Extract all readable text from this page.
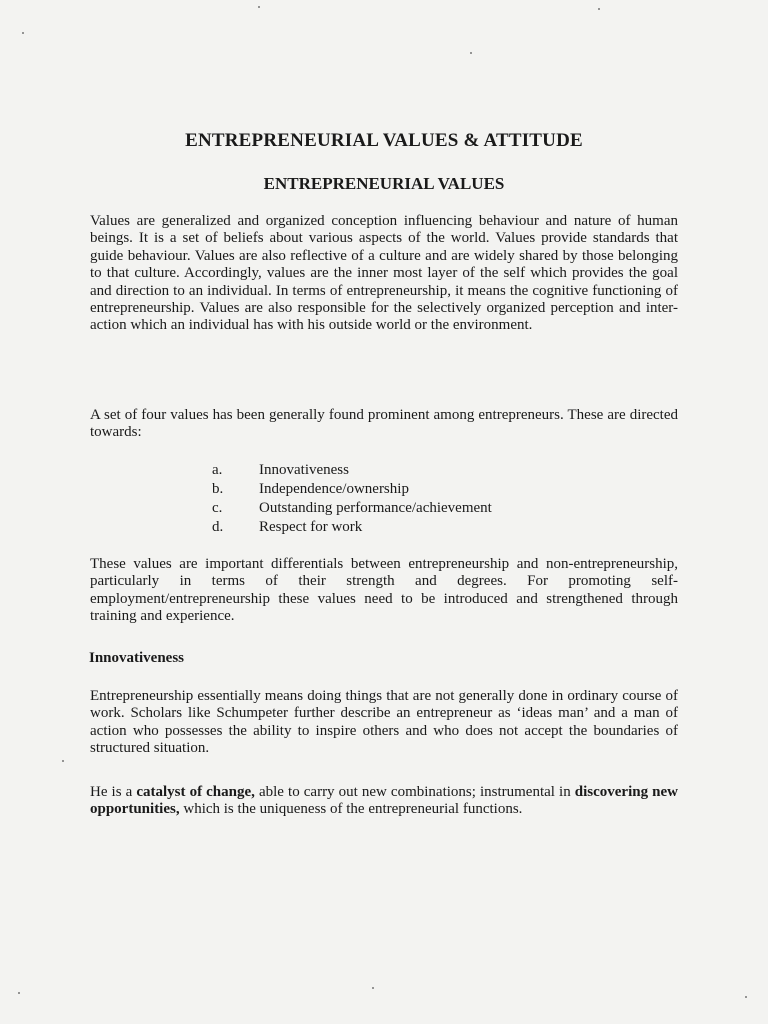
ENTREPRENEURIAL VALUES & ATTITUDE
ENTREPRENEURIAL VALUES

Values are generalized and organized conception influencing behaviour and nature of human beings. It is a set of beliefs about various aspects of the world. Values provide standards that guide behaviour. Values are also reflective of a culture and are widely shared by those belonging to that culture. Accordingly, values are the inner most layer of the self which provides the goal and direction to an individual. In terms of entrepreneurship, it means the cognitive functioning of entrepreneurship. Values are also responsible for the selectively organized perception and inter-action which an individual has with his outside world or the environment.

A set of four values has been generally found prominent among entrepreneurs. These are directed towards:

a.	Innovativeness
b.	Independence/ownership
c.	Outstanding performance/achievement
d.	Respect for work

These values are important differentials between entrepreneurship and non-entrepreneurship, particularly in terms of their strength and degrees. For promoting self-employment/entrepreneurship these values need to be introduced and strengthened through training and experience.

Innovativeness

Entrepreneurship essentially means doing things that are not generally done in ordinary course of work. Scholars like Schumpeter further describe an entrepreneur as ‘ideas man’ and a man of action who possesses the ability to inspire others and who does not accept the boundaries of structured situation.

He is a catalyst of change, able to carry out new combinations; instrumental in discovering new opportunities, which is the uniqueness of the entrepreneurial functions.
